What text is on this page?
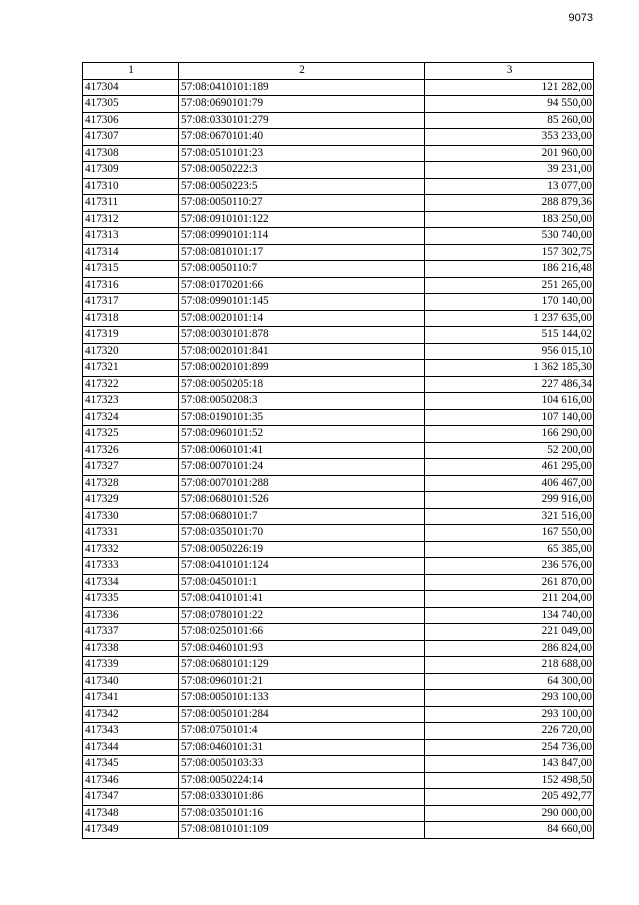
9073
1	2	3
417304	57:08:0410101:189	121 282,00
417305	57:08:0690101:79	94 550,00
417306	57:08:0330101:279	85 260,00
417307	57:08:0670101:40	353 233,00
417308	57:08:0510101:23	201 960,00
417309	57:08:0050222:3	39 231,00
417310	57:08:0050223:5	13 077,00
417311	57:08:0050110:27	288 879,36
417312	57:08:0910101:122	183 250,00
417313	57:08:0990101:114	530 740,00
417314	57:08:0810101:17	157 302,75
417315	57:08:0050110:7	186 216,48
417316	57:08:0170201:66	251 265,00
417317	57:08:0990101:145	170 140,00
417318	57:08:0020101:14	1 237 635,00
417319	57:08:0030101:878	515 144,02
417320	57:08:0020101:841	956 015,10
417321	57:08:0020101:899	1 362 185,30
417322	57:08:0050205:18	227 486,34
417323	57:08:0050208:3	104 616,00
417324	57:08:0190101:35	107 140,00
417325	57:08:0960101:52	166 290,00
417326	57:08:0060101:41	52 200,00
417327	57:08:0070101:24	461 295,00
417328	57:08:0070101:288	406 467,00
417329	57:08:0680101:526	299 916,00
417330	57:08:0680101:7	321 516,00
417331	57:08:0350101:70	167 550,00
417332	57:08:0050226:19	65 385,00
417333	57:08:0410101:124	236 576,00
417334	57:08:0450101:1	261 870,00
417335	57:08:0410101:41	211 204,00
417336	57:08:0780101:22	134 740,00
417337	57:08:0250101:66	221 049,00
417338	57:08:0460101:93	286 824,00
417339	57:08:0680101:129	218 688,00
417340	57:08:0960101:21	64 300,00
417341	57:08:0050101:133	293 100,00
417342	57:08:0050101:284	293 100,00
417343	57:08:0750101:4	226 720,00
417344	57:08:0460101:31	254 736,00
417345	57:08:0050103:33	143 847,00
417346	57:08:0050224:14	152 498,50
417347	57:08:0330101:86	205 492,77
417348	57:08:0350101:16	290 000,00
417349	57:08:0810101:109	84 660,00
